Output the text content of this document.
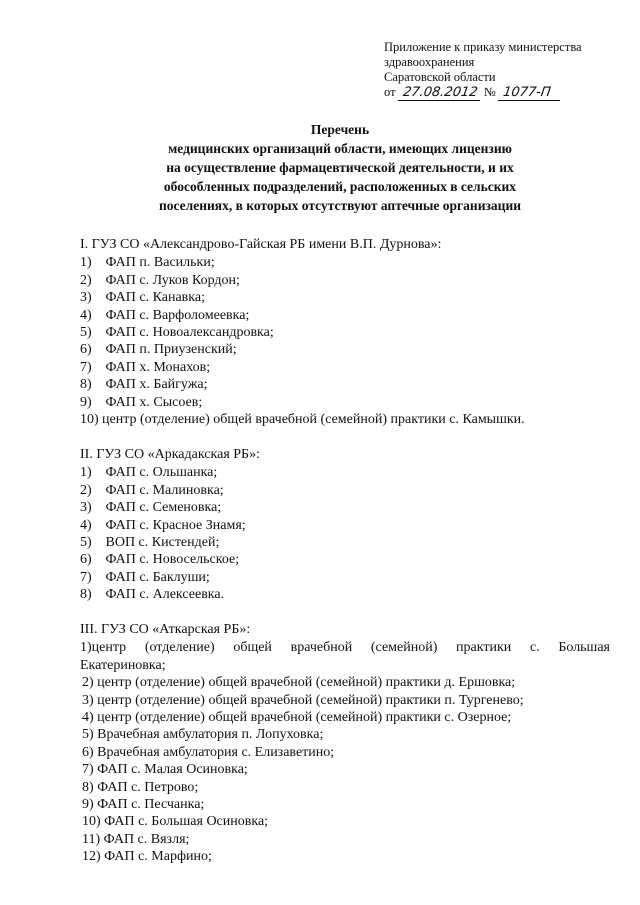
Приложение к приказу министерства
здравоохранения
Саратовской области
от 27.08.2012 № 1077-П
Перечень
медицинских организаций области, имеющих лицензию
на осуществление фармацевтической деятельности, и их
обособленных подразделений, расположенных в сельских
поселениях, в которых отсутствуют аптечные организации
I. ГУЗ СО «Александрово-Гайская РБ имени В.П. Дурнова»:
1) ФАП п. Васильки;
2) ФАП с. Луков Кордон;
3) ФАП с. Канавка;
4) ФАП с. Варфоломеевка;
5) ФАП с. Новоалександровка;
6) ФАП п. Приузенский;
7) ФАП х. Монахов;
8) ФАП х. Байгужа;
9) ФАП х. Сысоев;
10) центр (отделение) общей врачебной (семейной) практики с. Камышки.
II. ГУЗ СО «Аркадакская РБ»:
1) ФАП с. Ольшанка;
2) ФАП с. Малиновка;
3) ФАП с. Семеновка;
4) ФАП с. Красное Знамя;
5) ВОП с. Кистендей;
6) ФАП с. Новосельское;
7) ФАП с. Баклуши;
8) ФАП с. Алексеевка.
III. ГУЗ СО «Аткарская РБ»:
1)центр (отделение) общей врачебной (семейной) практики с. Большая
Екатериновка;
2) центр (отделение) общей врачебной (семейной) практики д. Ершовка;
3) центр (отделение) общей врачебной (семейной) практики п. Тургенево;
4) центр (отделение) общей врачебной (семейной) практики с. Озерное;
5) Врачебная амбулатория п. Лопуховка;
6) Врачебная амбулатория с. Елизаветино;
7) ФАП с. Малая Осиновка;
8) ФАП с. Петрово;
9) ФАП с. Песчанка;
10) ФАП с. Большая Осиновка;
11) ФАП с. Вязля;
12) ФАП с. Марфино;
